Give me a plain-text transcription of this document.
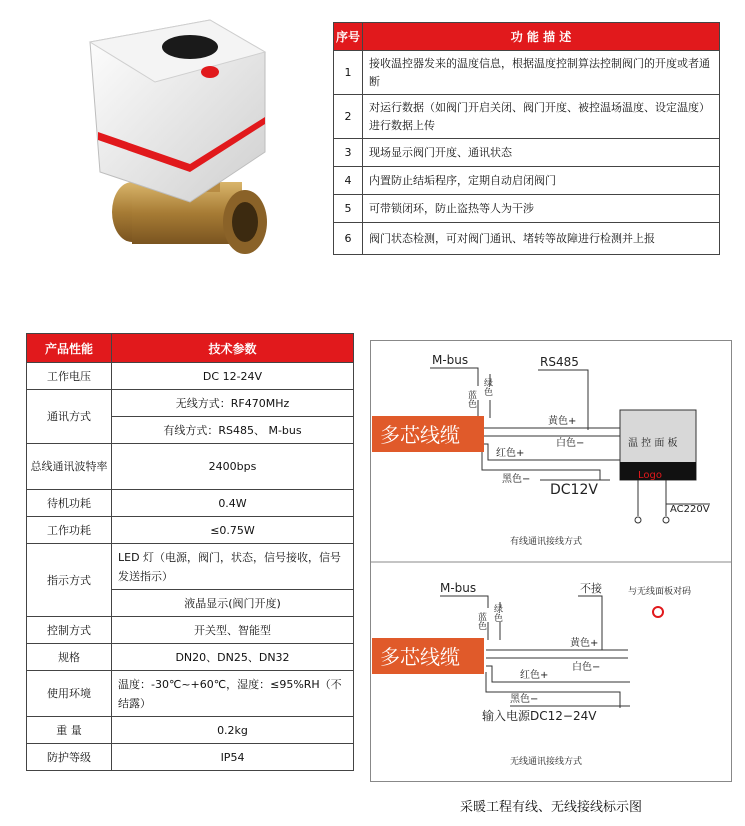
序号	功 能 描 述
1	接收温控器发来的温度信息，根据温度控制算法控制阀门的开度或者通断
2	对运行数据（如阀门开启关闭、阀门开度、被控温场温度、设定温度）进行数据上传
3	现场显示阀门开度、通讯状态
4	内置防止结垢程序，定期自动启闭阀门
5	可带锁闭环，防止盗热等人为干涉
6	阀门状态检测，可对阀门通讯、堵转等故障进行检测并上报
产品性能	技术参数
工作电压	DC 12-24V
通讯方式	无线方式：RF470MHz
	有线方式：RS485、 M-bus
总线通讯波特率	2400bps
待机功耗	0.4W
工作功耗	≤0.75W
指示方式	LED 灯（电源，阀门，状态，信号接收，信号发送指示）
	液晶显示(阀门开度)
控制方式	开关型、智能型
规格	DN20、DN25、DN32
使用环境	温度：-30℃~+60℃，湿度：≤95%RH（不结露）
重 量	0.2kg
防护等级	IP54
M-bus	RS485
蓝色
绿色
多芯线缆
黄色+
白色−
红色+
黑色−
DC12V
温 控 面 板
Logo
AC220V
有线通讯接线方式
M-bus	不接	与无线面板对码
蓝色 绿色
多芯线缆
黄色+
白色−
红色+
黑色−
输入电源DC12−24V
无线通讯接线方式
采暖工程有线、无线接线标示图
